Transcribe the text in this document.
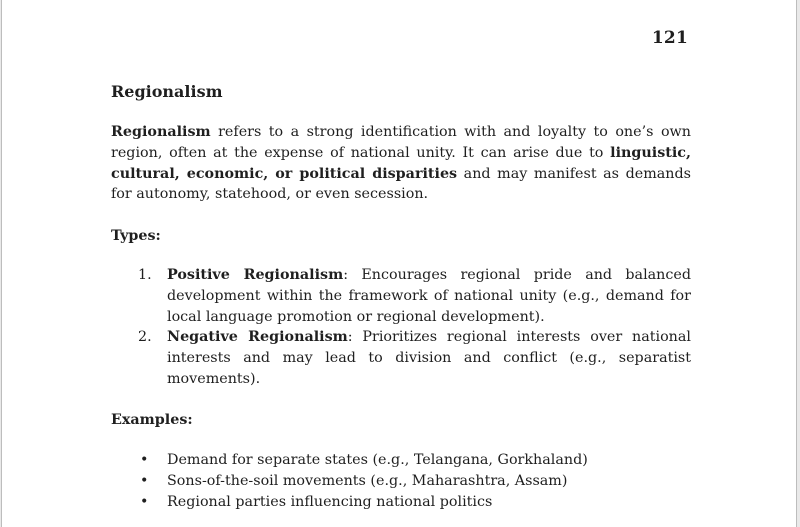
121
Regionalism

Regionalism refers to a strong identification with and loyalty to one’s own region, often at the expense of national unity. It can arise due to linguistic, cultural, economic, or political disparities and may manifest as demands for autonomy, statehood, or even secession.

Types:
1. Positive Regionalism: Encourages regional pride and balanced development within the framework of national unity (e.g., demand for local language promotion or regional development).
2. Negative Regionalism: Prioritizes regional interests over national interests and may lead to division and conflict (e.g., separatist movements).
Examples:
• Demand for separate states (e.g., Telangana, Gorkhaland)
• Sons-of-the-soil movements (e.g., Maharashtra, Assam)
• Regional parties influencing national politics
